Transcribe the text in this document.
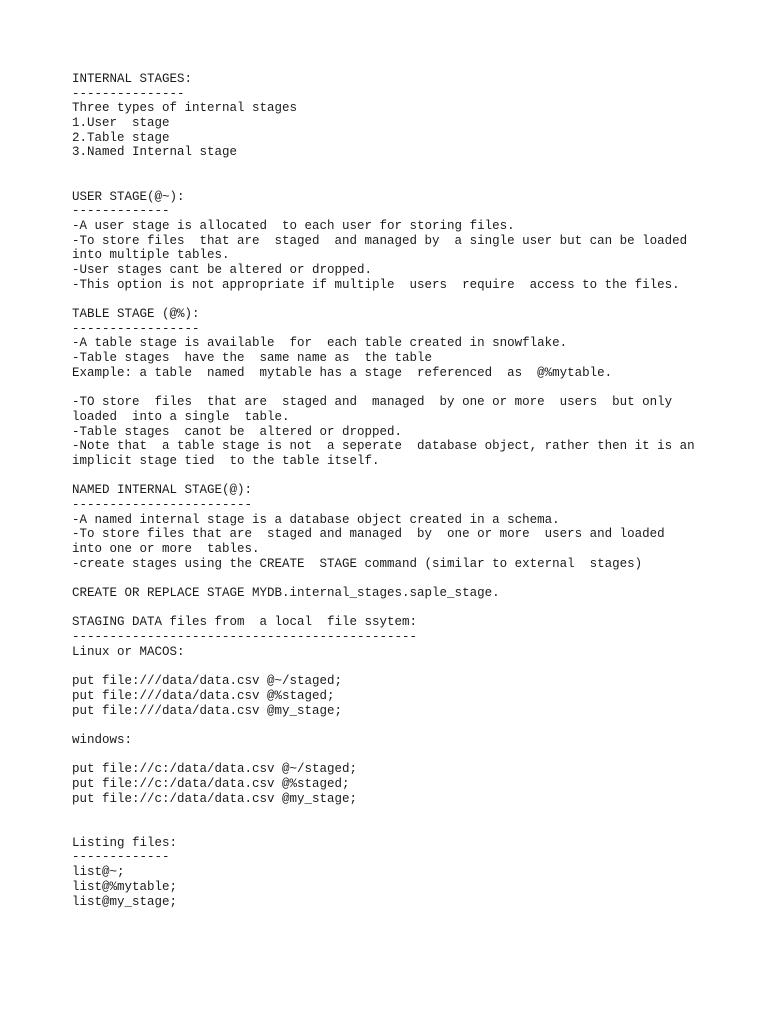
INTERNAL STAGES:
---------------
Three types of internal stages
1.User  stage
2.Table stage
3.Named Internal stage
USER STAGE(@~):
-------------
-A user stage is allocated  to each user for storing files.
-To store files  that are  staged  and managed by  a single user but can be loaded
into multiple tables.
-User stages cant be altered or dropped.
-This option is not appropriate if multiple  users  require  access to the files.
TABLE STAGE (@%):
-----------------
-A table stage is available  for  each table created in snowflake.
-Table stages  have the  same name as  the table
Example: a table  named  mytable has a stage  referenced  as  @%mytable.
-TO store  files  that are  staged and  managed  by one or more  users  but only
loaded  into a single  table.
-Table stages  canot be  altered or dropped.
-Note that  a table stage is not  a seperate  database object, rather then it is an
implicit stage tied  to the table itself.
NAMED INTERNAL STAGE(@):
------------------------
-A named internal stage is a database object created in a schema.
-To store files that are  staged and managed  by  one or more  users and loaded
into one or more  tables.
-create stages using the CREATE  STAGE command (similar to external  stages)
CREATE OR REPLACE STAGE MYDB.internal_stages.saple_stage.
STAGING DATA files from  a local  file ssytem:
----------------------------------------------
Linux or MACOS:
put file:///data/data.csv @~/staged;
put file:///data/data.csv @%staged;
put file:///data/data.csv @my_stage;
windows:
put file://c:/data/data.csv @~/staged;
put file://c:/data/data.csv @%staged;
put file://c:/data/data.csv @my_stage;
Listing files:
-------------
list@~;
list@%mytable;
list@my_stage;
